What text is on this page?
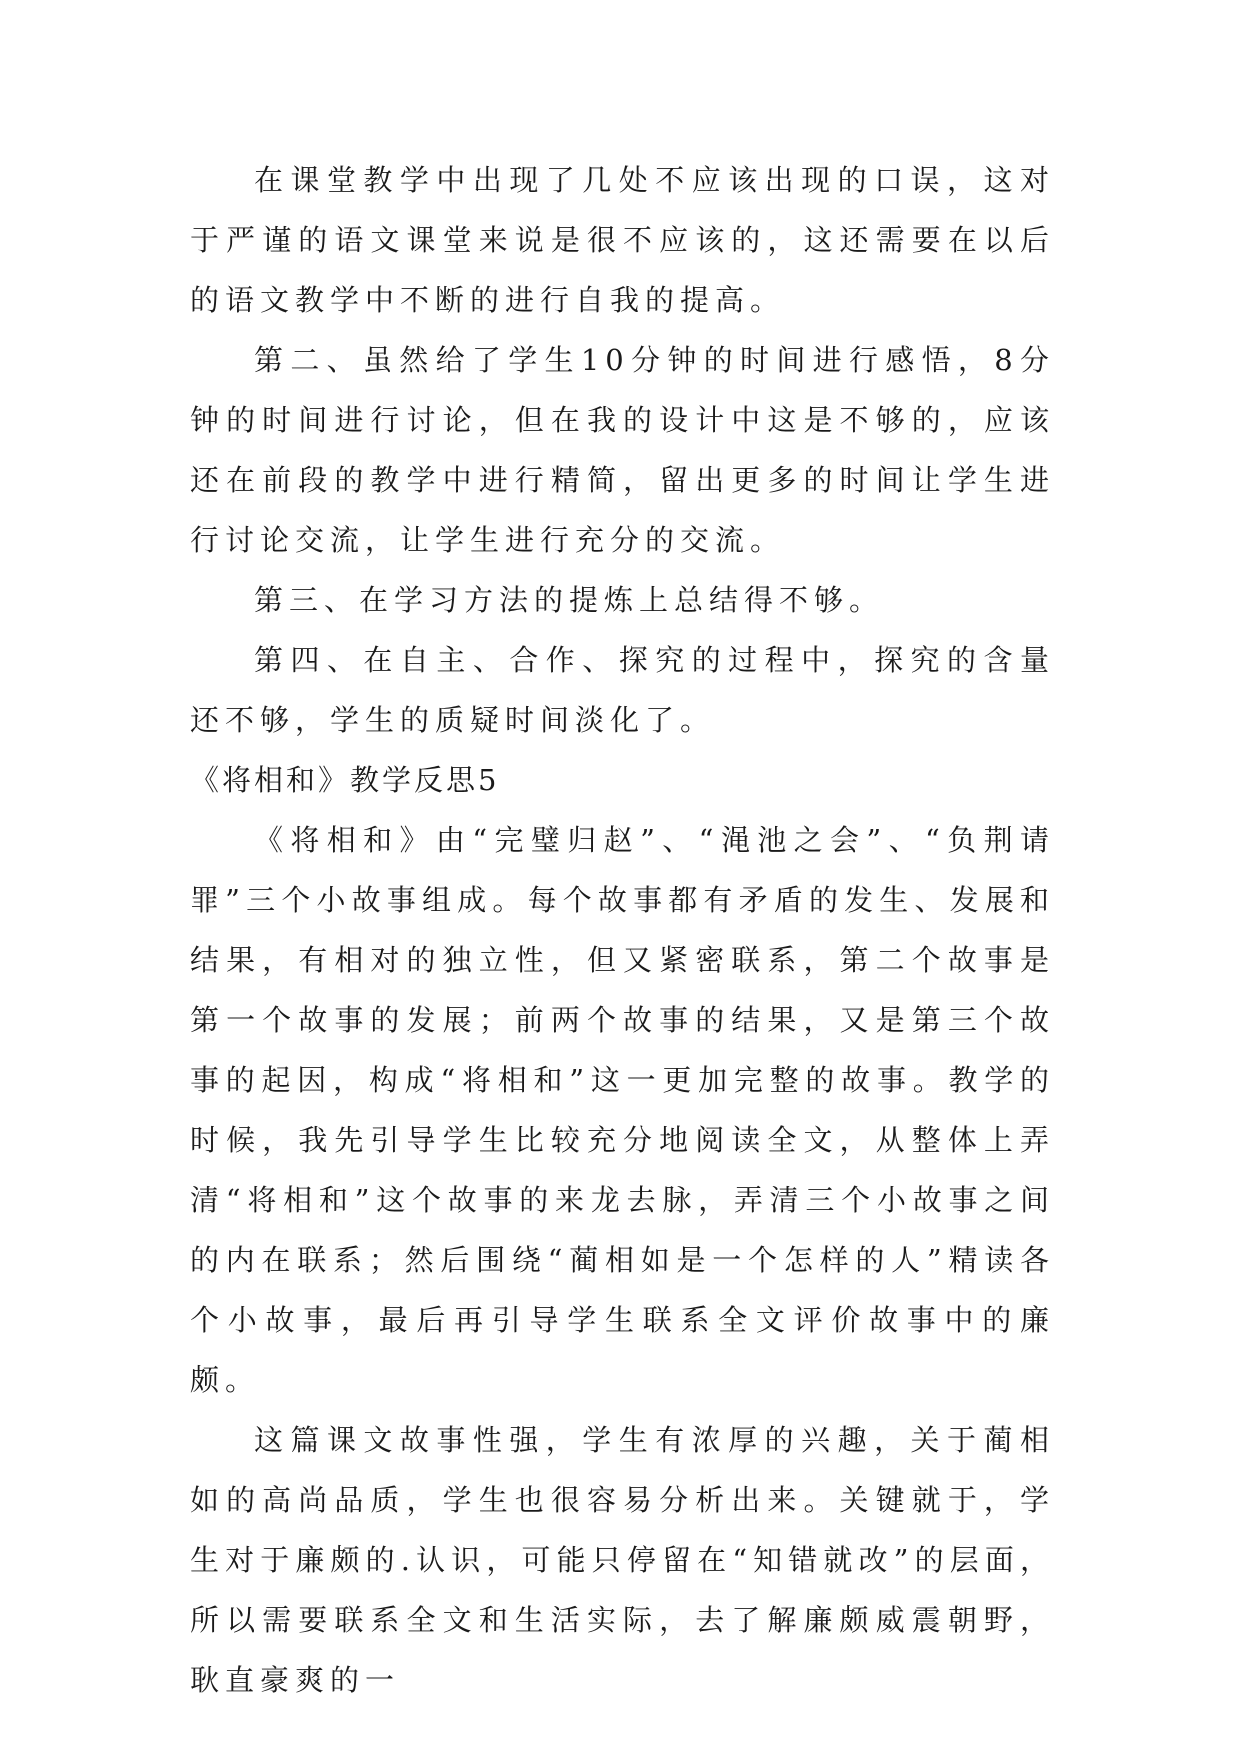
在课堂教学中出现了几处不应该出现的口误，这对于严谨的语文课堂来说是很不应该的，这还需要在以后的语文教学中不断的进行自我的提高。

第二、虽然给了学生10分钟的时间进行感悟，8分钟的时间进行讨论，但在我的设计中这是不够的，应该还在前段的教学中进行精简，留出更多的时间让学生进行讨论交流，让学生进行充分的交流。

第三、在学习方法的提炼上总结得不够。

第四、在自主、合作、探究的过程中，探究的含量还不够，学生的质疑时间淡化了。

《将相和》教学反思5

《将相和》由“完璧归赵”、“渑池之会”、“负荆请罪”三个小故事组成。每个故事都有矛盾的发生、发展和结果，有相对的独立性，但又紧密联系，第二个故事是第一个故事的发展；前两个故事的结果，又是第三个故事的起因，构成“将相和”这一更加完整的故事。教学的时候，我先引导学生比较充分地阅读全文，从整体上弄清“将相和”这个故事的来龙去脉，弄清三个小故事之间的内在联系；然后围绕“蔺相如是一个怎样的人”精读各个小故事，最后再引导学生联系全文评价故事中的廉颇。

这篇课文故事性强，学生有浓厚的兴趣，关于蔺相如的高尚品质，学生也很容易分析出来。关键就于，学生对于廉颇的.认识，可能只停留在“知错就改”的层面，所以需要联系全文和生活实际，去了解廉颇威震朝野，耿直豪爽的一
